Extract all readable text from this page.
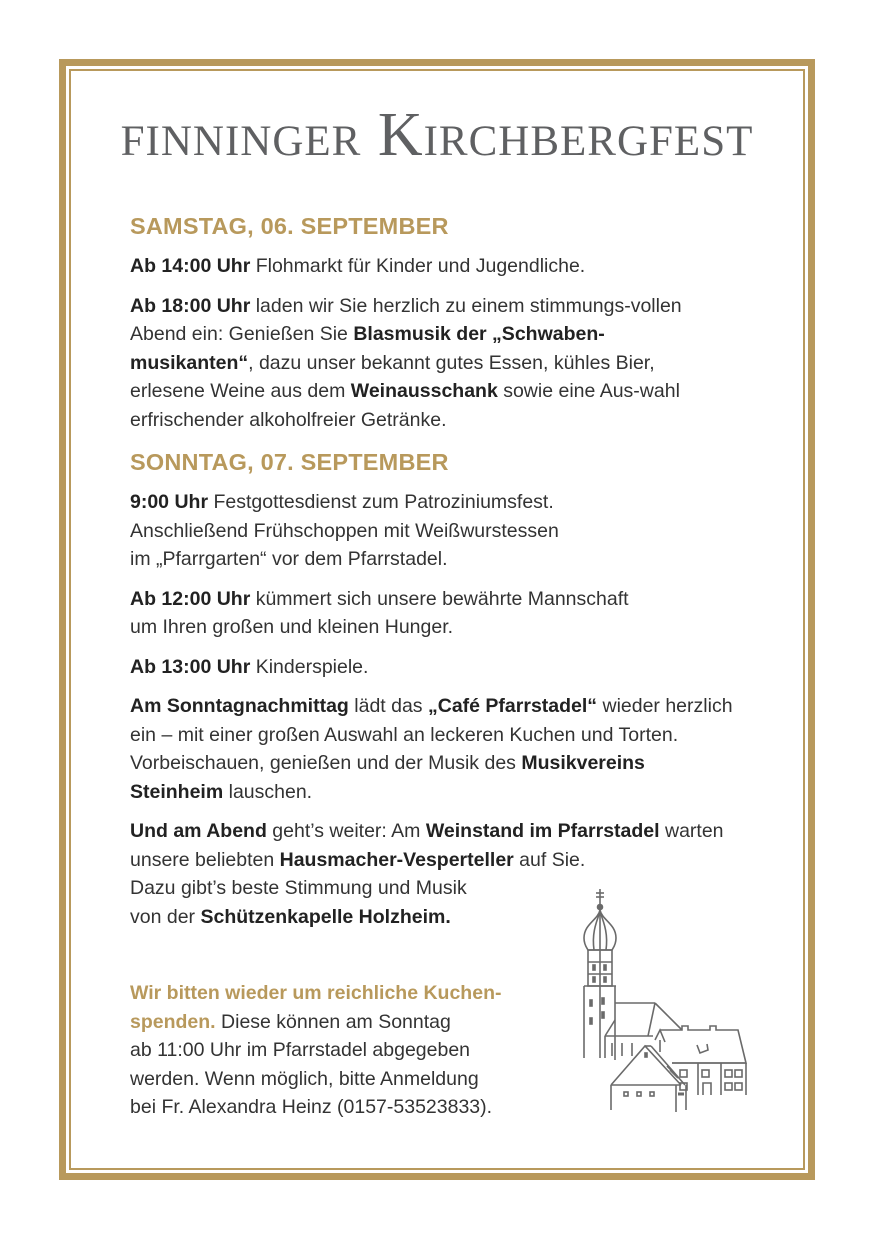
finninger Kirchbergfest
SAMSTAG, 06. SEPTEMBER
Ab 14:00 Uhr Flohmarkt für Kinder und Jugendliche.
Ab 18:00 Uhr laden wir Sie herzlich zu einem stimmungs-vollen Abend ein: Genießen Sie Blasmusik der „Schwaben-musikanten“, dazu unser bekannt gutes Essen, kühles Bier, erlesene Weine aus dem Weinausschank sowie eine Aus-wahl erfrischender alkoholfreier Getränke.
SONNTAG, 07. SEPTEMBER
9:00 Uhr Festgottesdienst zum Patroziniumsfest.
Anschließend Frühschoppen mit Weißwurstessen
im „Pfarrgarten“ vor dem Pfarrstadel.
Ab 12:00 Uhr kümmert sich unsere bewährte Mannschaft
um Ihren großen und kleinen Hunger.
Ab 13:00 Uhr Kinderspiele.
Am Sonntagnachmittag lädt das „Café Pfarrstadel“ wieder herzlich ein – mit einer großen Auswahl an leckeren Kuchen und Torten. Vorbeischauen, genießen und der Musik des Musikvereins Steinheim lauschen.
Und am Abend geht’s weiter: Am Weinstand im Pfarrstadel warten unsere beliebten Hausmacher-Vesperteller auf Sie.
Dazu gibt’s beste Stimmung und Musik
von der Schützenkapelle Holzheim.
Wir bitten wieder um reichliche Kuchen-
spenden. Diese können am Sonntag
ab 11:00 Uhr im Pfarrstadel abgegeben
werden. Wenn möglich, bitte Anmeldung
bei Fr. Alexandra Heinz (0157-53523833).
